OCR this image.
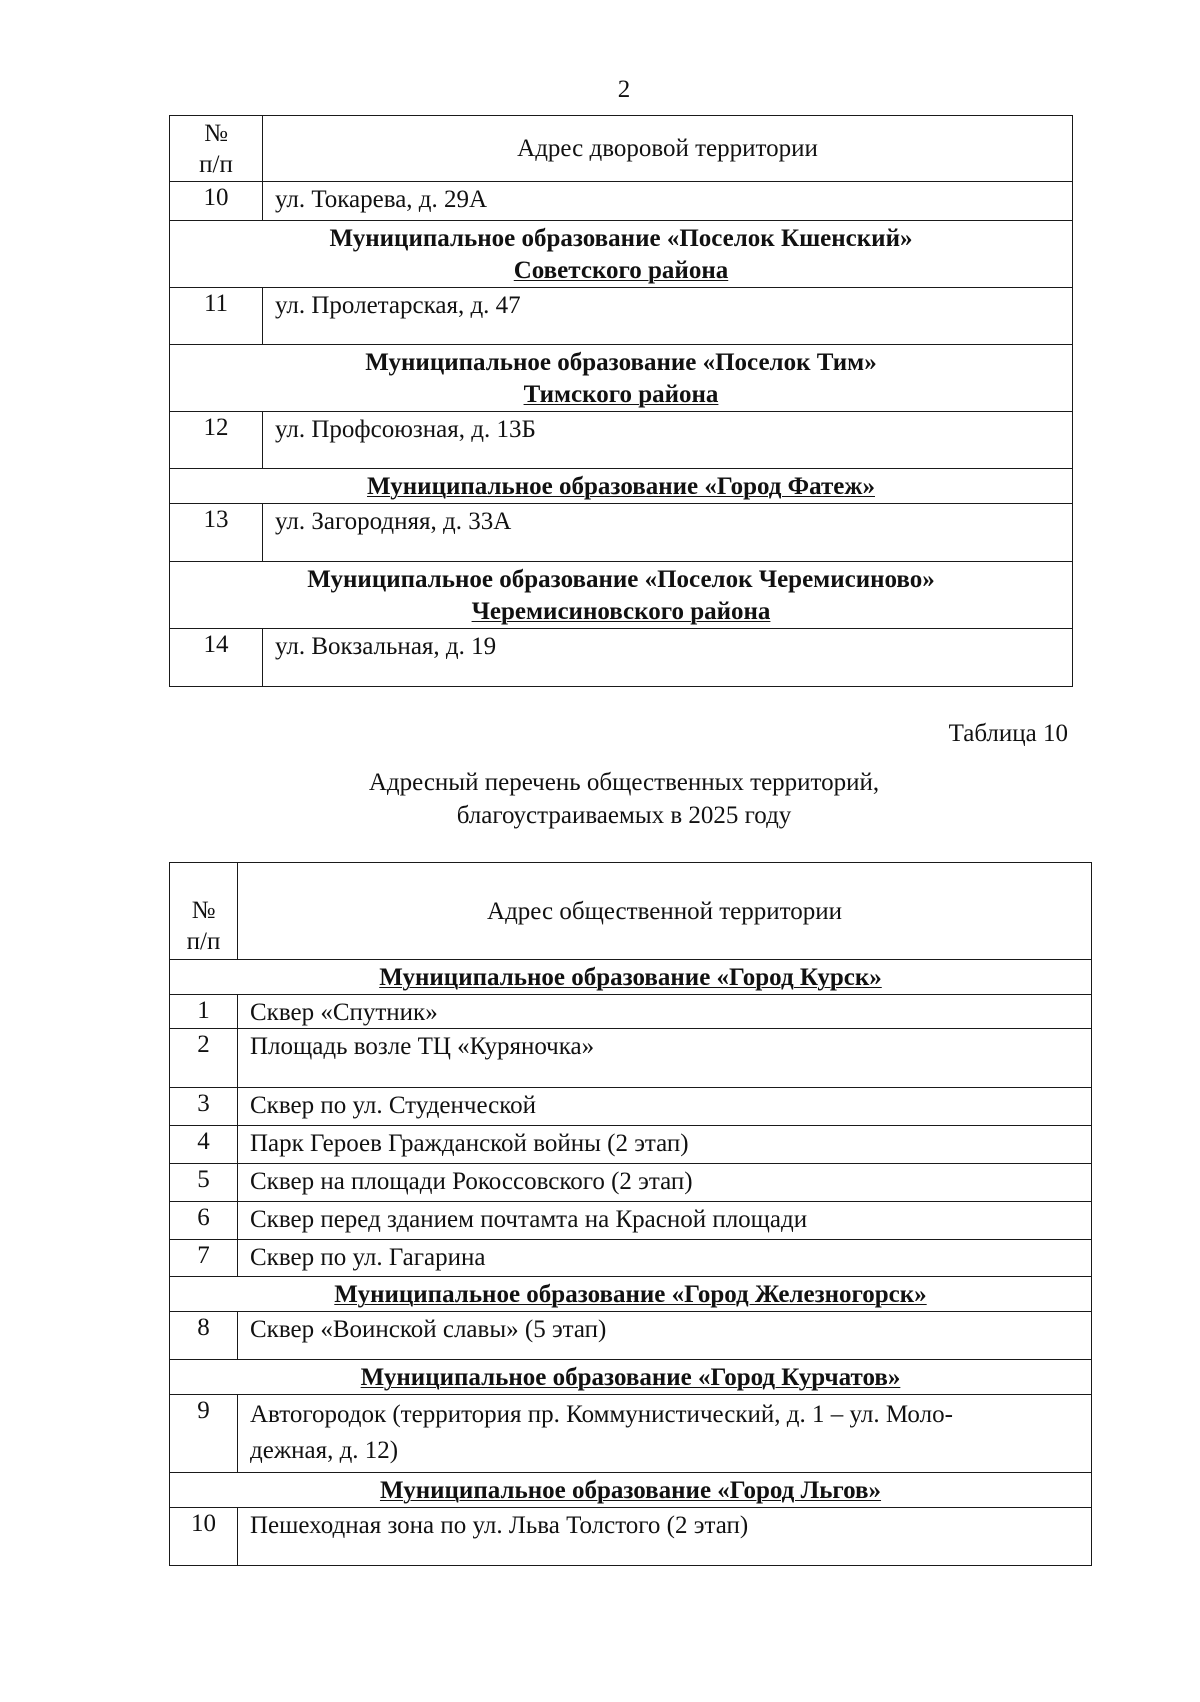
2
№
п/п	Адрес дворовой территории
10	ул. Токарева, д. 29А

Муниципальное образование «Поселок Кшенский»
Советского района	

11	ул. Пролетарская, д. 47

Муниципальное образование «Поселок Тим»
Тимского района	

12	ул. Профсоюзная, д. 13Б
Муниципальное образование «Город Фатеж»	
13	ул. Загородняя, д. 33А

Муниципальное образование «Поселок Черемисиново»
Черемисиновского района	

14	ул. Вокзальная, д. 19
Таблица 10
Адресный перечень общественных территорий,
благоустраиваемых в 2025 году
№
п/п	Адрес общественной территории
Муниципальное образование «Город Курск»	
1	Сквер «Спутник»
2	Площадь возле ТЦ «Куряночка»
3	Сквер по ул. Студенческой
4	Парк Героев Гражданской войны (2 этап)
5	Сквер на площади Рокоссовского (2 этап)
6	Сквер перед зданием почтамта на Красной площади
7	Сквер по ул. Гагарина
Муниципальное образование «Город Железногорск»	
8	Сквер «Воинской славы» (5 этап)
Муниципальное образование «Город Курчатов»	
9	Автогородок (территория пр. Коммунистический, д. 1 – ул. Моло-
дежная, д. 12)
Муниципальное образование «Город Льгов»	
10	Пешеходная зона по ул. Льва Толстого (2 этап)
